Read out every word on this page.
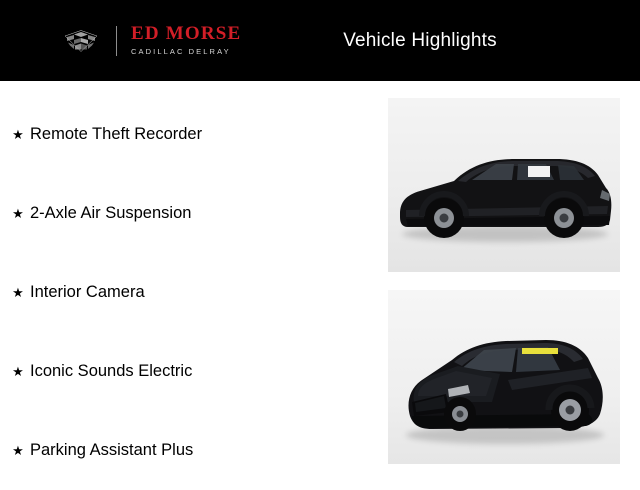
ED MORSE
CADILLAC DELRAY
Vehicle Highlights
★ Remote Theft Recorder
★ 2-Axle Air Suspension
★ Interior Camera
★ Iconic Sounds Electric
★ Parking Assistant Plus
